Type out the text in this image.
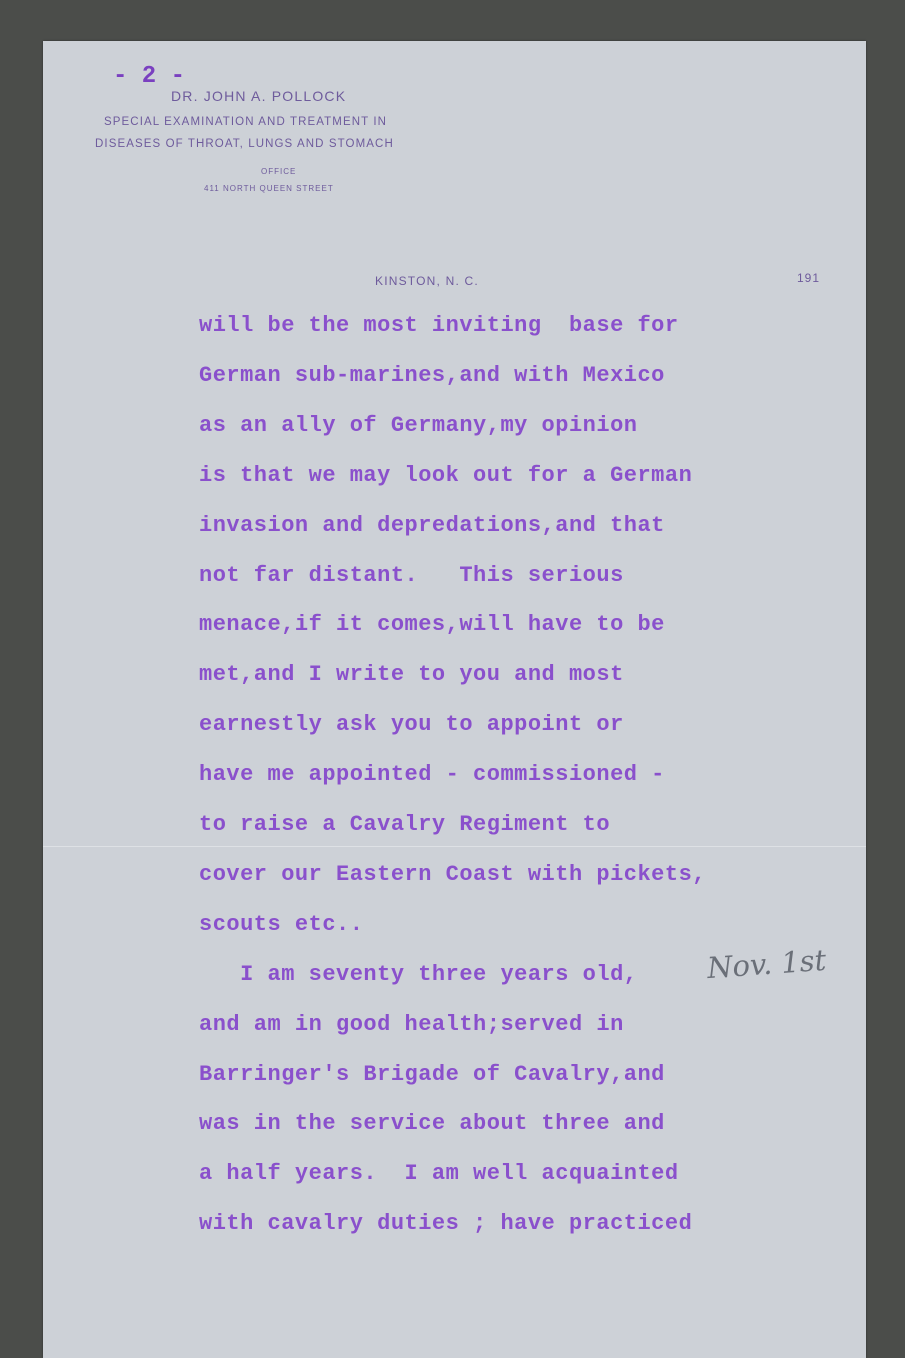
- 2 -
DR. JOHN A. POLLOCK
SPECIAL EXAMINATION AND TREATMENT IN
DISEASES OF THROAT, LUNGS AND STOMACH
OFFICE
411 NORTH QUEEN STREET
KINSTON, N. C.	191
will be the most inviting  base for
German sub-marines,and with Mexico
as an ally of Germany,my opinion
is that we may look out for a German
invasion and depredations,and that
not far distant.   This serious
menace,if it comes,will have to be
met,and I write to you and most
earnestly ask you to appoint or
have me appointed - commissioned -
to raise a Cavalry Regiment to
cover our Eastern Coast with pickets,
scouts etc..
I am seventy three years old,
and am in good health;served in
Barringer's Brigade of Cavalry,and
was in the service about three and
a half years.  I am well acquainted
with cavalry duties ; have practiced
Nov. 1st
